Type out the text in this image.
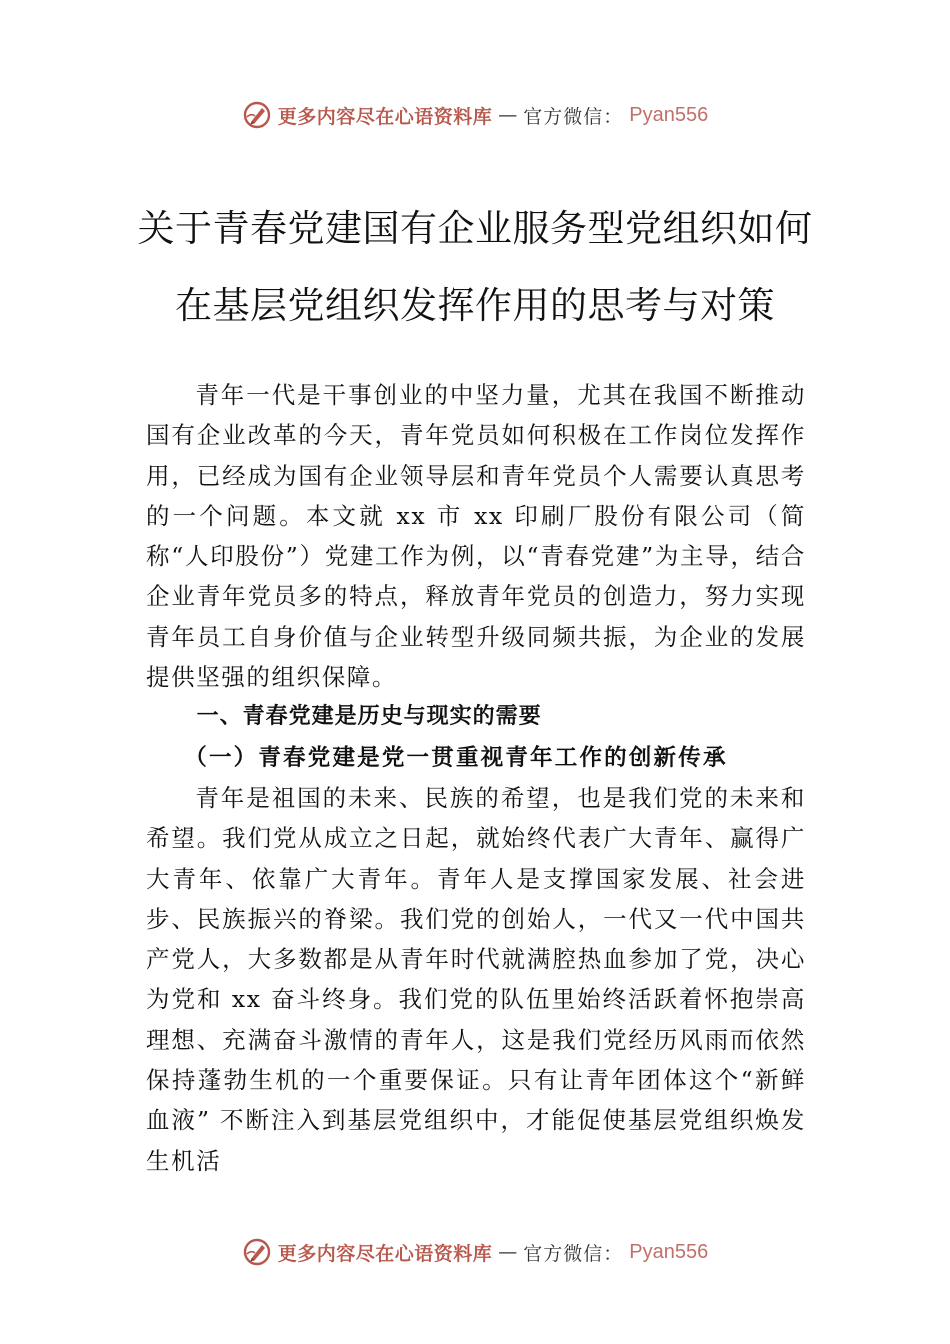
更多内容尽在心语资料库 — 官方微信： Pyan556
关于青春党建国有企业服务型党组织如何
在基层党组织发挥作用的思考与对策

青年一代是干事创业的中坚力量，尤其在我国不断推动国有企业改革的今天，青年党员如何积极在工作岗位发挥作用，已经成为国有企业领导层和青年党员个人需要认真思考的一个问题。本文就 xx 市 xx 印刷厂股份有限公司（简称“人印股份”）党建工作为例，以“青春党建”为主导，结合企业青年党员多的特点，释放青年党员的创造力，努力实现青年员工自身价值与企业转型升级同频共振，为企业的发展提供坚强的组织保障。

一、青春党建是历史与现实的需要
（一）青春党建是党一贯重视青年工作的创新传承

青年是祖国的未来、民族的希望，也是我们党的未来和希望。我们党从成立之日起，就始终代表广大青年、赢得广大青年、依靠广大青年。青年人是支撑国家发展、社会进步、民族振兴的脊梁。我们党的创始人，一代又一代中国共产党人，大多数都是从青年时代就满腔热血参加了党，决心为党和 xx 奋斗终身。我们党的队伍里始终活跃着怀抱崇高理想、充满奋斗激情的青年人，这是我们党经历风雨而依然保持蓬勃生机的一个重要保证。只有让青年团体这个“新鲜血液” 不断注入到基层党组织中，才能促使基层党组织焕发生机活

更多内容尽在心语资料库 — 官方微信： Pyan556
